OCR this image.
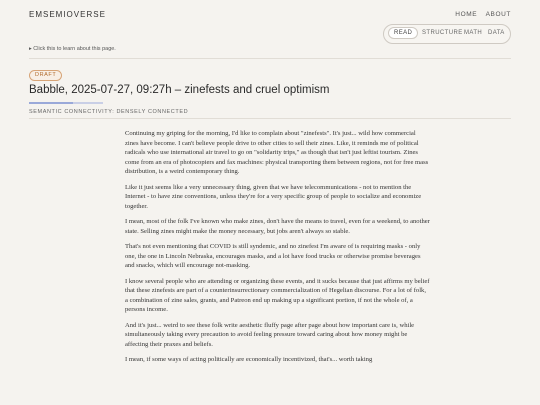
EMSEMIOVERSE	HOME ABOUT
READ	STRUCTURE MATH DATA
▸ Click this to learn about this page.
DRAFT
Babble, 2025-07-27, 09:27h – zinefests and cruel optimism
SEMANTIC CONNECTIVITY: DENSELY CONNECTED

Continuing my griping for the morning, I'd like to complain about "zinefests". It's just... wild how commercial zines have become. I can't believe people drive to other cities to sell their zines. Like, it reminds me of political radicals who use international air travel to go on "solidarity trips," as though that isn't just leftist tourism. Zines come from an era of photocopiers and fax machines: physical transporting them between regions, not for free mass distribution, is a weird contemporary thing.

Like it just seems like a very unnecessary thing, given that we have telecommunications - not to mention the Internet - to have zine conventions, unless they're for a very specific group of people to socialize and economize together.

I mean, most of the folk I've known who make zines, don't have the means to travel, even for a weekend, to another state. Selling zines might make the money necessary, but jobs aren't always so stable.

That's not even mentioning that COVID is still syndemic, and no zinefest I'm aware of is requiring masks - only one, the one in Lincoln Nebraska, encourages masks, and a lot have food trucks or otherwise promise beverages and snacks, which will encourage not-masking.

I know several people who are attending or organizing these events, and it sucks because that just affirms my belief that these zinefests are part of a counterinsurrectionary commercialization of Hegelian discourse. For a lot of folk, a combination of zine sales, grants, and Patreon end up making up a significant portion, if not the whole of, a persons income.

And it's just... weird to see these folk write aesthetic fluffy page after page about how important care is, while simultaneously taking every precaution to avoid feeling pressure toward caring about how money might be affecting their praxes and beliefs.

I mean, if some ways of acting politically are economically incentivized, that's... worth taking
